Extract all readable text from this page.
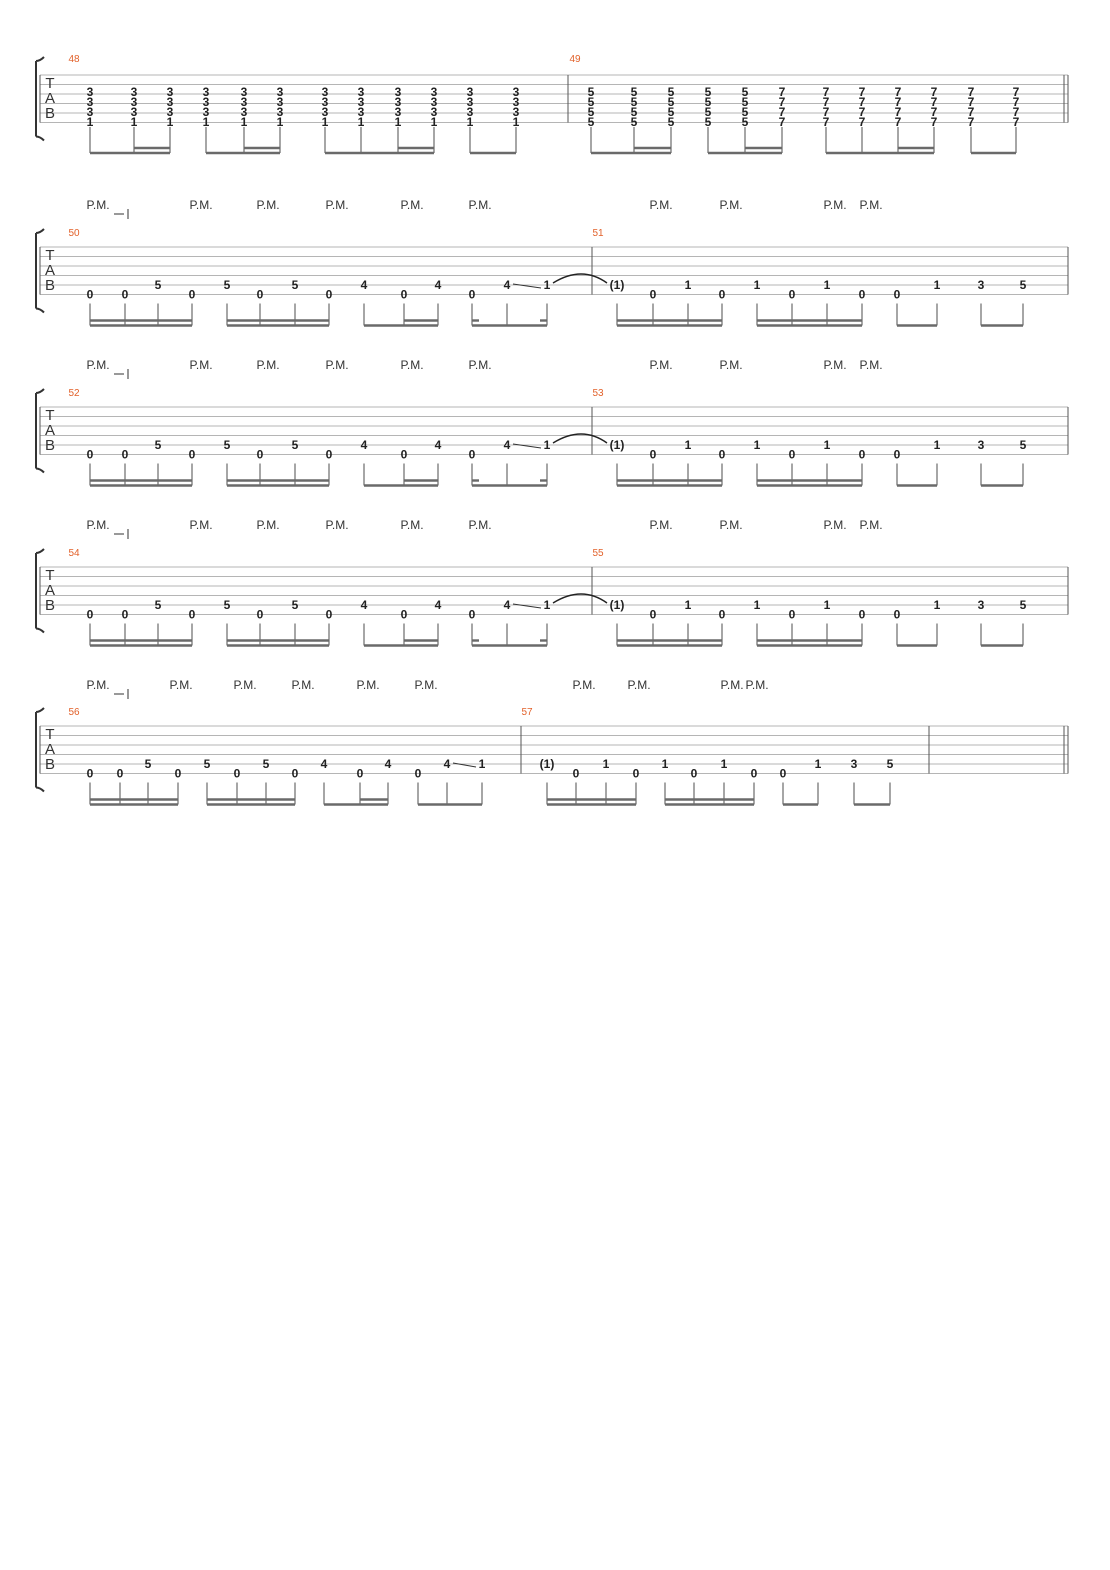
T
A
B
48	49
3
3
3
1
3
3
3
1
3
3
3
1
3
3
3
1
3
3
3
1
3
3
3
1
3
3
3
1
3
3
3
1
3
3
3
1
3
3
3
1
3
3
3
1
3
3
3
1
5
5
5
5
5
5
5
5
5
5
5
5
5
5
5
5
5
5
5
5
7
7
7
7
7
7
7
7
7
7
7
7
7
7
7
7
7
7
7
7
7
7
7
7
7
7
7
7
T
A
B
50	51
P.M.	P.M.	P.M.	P.M.	P.M.	P.M.	P.M.	P.M.	P.M. P.M.
0 0
5
0
5
0
5
0
4
0
4
0
4	1	(1)
0
1
0
1
0
1
0 0
1	3	5
T
A
B
52	53
P.M.	P.M.	P.M.	P.M.	P.M.	P.M.	P.M.	P.M.	P.M. P.M.
0 0
5
0
5
0
5
0
4
0
4
0
4	1	(1)
0
1
0
1
0
1
0 0
1	3	5
T
A
B
54	55
P.M.	P.M.	P.M.	P.M.	P.M.	P.M.	P.M.	P.M.	P.M. P.M.
0 0
5
0
5
0
5
0
4
0
4
0
4	1	(1)
0
1
0
1
0
1
0 0
1	3	5
T
A
B
56	57
P.M.	P.M.	P.M.	P.M.	P.M.	P.M.	P.M.	P.M.	P.M. P.M.
0 0
5
0
5
0
5
0
4
0
4
0
4 1	(1)
0
1
0
1
0
1
0 0
1 3 5
